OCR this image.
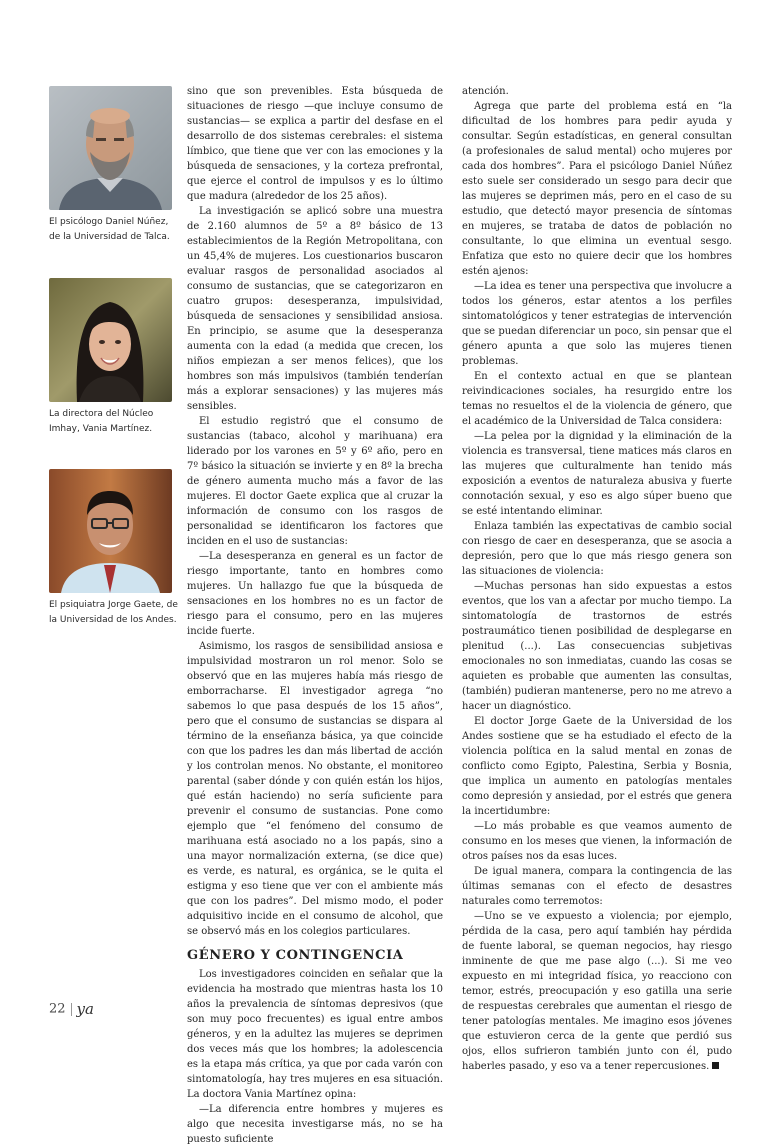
El psicólogo Daniel Núñez, de la Universidad de Talca.

La directora del Núcleo Imhay, Vania Martínez.

El psiquiatra Jorge Gaete, de la Universidad de los Andes.

sino que son prevenibles. Esta búsqueda de situaciones de riesgo —que incluye consumo de sustancias— se explica a partir del desfase en el desarrollo de dos sistemas cerebrales: el sistema límbico, que tiene que ver con las emociones y la búsqueda de sensaciones, y la corteza prefrontal, que ejerce el control de impulsos y es lo último que madura (alrededor de los 25 años).

La investigación se aplicó sobre una muestra de 2.160 alumnos de 5º a 8º básico de 13 establecimientos de la Región Metropolitana, con un 45,4% de mujeres. Los cuestionarios buscaron evaluar rasgos de personalidad asociados al consumo de sustancias, que se categorizaron en cuatro grupos: desesperanza, impulsividad, búsqueda de sensaciones y sensibilidad ansiosa. En principio, se asume que la desesperanza aumenta con la edad (a medida que crecen, los niños empiezan a ser menos felices), que los hombres son más impulsivos (también tenderían más a explorar sensaciones) y las mujeres más sensibles.

El estudio registró que el consumo de sustancias (tabaco, alcohol y marihuana) era liderado por los varones en 5º y 6º año, pero en 7º básico la situación se invierte y en 8º la brecha de género aumenta mucho más a favor de las mujeres. El doctor Gaete explica que al cruzar la información de consumo con los rasgos de personalidad se identificaron los factores que inciden en el uso de sustancias:

—La desesperanza en general es un factor de riesgo importante, tanto en hombres como mujeres. Un hallazgo fue que la búsqueda de sensaciones en los hombres no es un factor de riesgo para el consumo, pero en las mujeres incide fuerte.

Asimismo, los rasgos de sensibilidad ansiosa e impulsividad mostraron un rol menor. Solo se observó que en las mujeres había más riesgo de emborracharse. El investigador agrega “no sabemos lo que pasa después de los 15 años”, pero que el consumo de sustancias se dispara al término de la enseñanza básica, ya que coincide con que los padres les dan más libertad de acción y los controlan menos. No obstante, el monitoreo parental (saber dónde y con quién están los hijos, qué están haciendo) no sería suficiente para prevenir el consumo de sustancias. Pone como ejemplo que “el fenómeno del consumo de marihuana está asociado no a los papás, sino a una mayor normalización externa, (se dice que) es verde, es natural, es orgánica, se le quita el estigma y eso tiene que ver con el ambiente más que con los padres”. Del mismo modo, el poder adquisitivo incide en el consumo de alcohol, que se observó más en los colegios particulares.

GÉNERO Y CONTINGENCIA

Los investigadores coinciden en señalar que la evidencia ha mostrado que mientras hasta los 10 años la prevalencia de síntomas depresivos (que son muy poco frecuentes) es igual entre ambos géneros, y en la adultez las mujeres se deprimen dos veces más que los hombres; la adolescencia es la etapa más crítica, ya que por cada varón con sintomatología, hay tres mujeres en esa situación. La doctora Vania Martínez opina:

—La diferencia entre hombres y mujeres es algo que necesita investigarse más, no se ha puesto suficiente

atención.

Agrega que parte del problema está en “la dificultad de los hombres para pedir ayuda y consultar. Según estadísticas, en general consultan (a profesionales de salud mental) ocho mujeres por cada dos hombres”. Para el psicólogo Daniel Núñez esto suele ser considerado un sesgo para decir que las mujeres se deprimen más, pero en el caso de su estudio, que detectó mayor presencia de síntomas en mujeres, se trataba de datos de población no consultante, lo que elimina un eventual sesgo. Enfatiza que esto no quiere decir que los hombres estén ajenos:

—La idea es tener una perspectiva que involucre a todos los géneros, estar atentos a los perfiles sintomatológicos y tener estrategias de intervención que se puedan diferenciar un poco, sin pensar que el género apunta a que solo las mujeres tienen problemas.

En el contexto actual en que se plantean reivindicaciones sociales, ha resurgido entre los temas no resueltos el de la violencia de género, que el académico de la Universidad de Talca considera:

—La pelea por la dignidad y la eliminación de la violencia es transversal, tiene matices más claros en las mujeres que culturalmente han tenido más exposición a eventos de naturaleza abusiva y fuerte connotación sexual, y eso es algo súper bueno que se esté intentando eliminar.

Enlaza también las expectativas de cambio social con riesgo de caer en desesperanza, que se asocia a depresión, pero que lo que más riesgo genera son las situaciones de violencia:

—Muchas personas han sido expuestas a estos eventos, que los van a afectar por mucho tiempo. La sintomatología de trastornos de estrés postraumático tienen posibilidad de desplegarse en plenitud (...). Las consecuencias subjetivas emocionales no son inmediatas, cuando las cosas se aquieten es probable que aumenten las consultas, (también) pudieran mantenerse, pero no me atrevo a hacer un diagnóstico.

El doctor Jorge Gaete de la Universidad de los Andes sostiene que se ha estudiado el efecto de la violencia política en la salud mental en zonas de conflicto como Egipto, Palestina, Serbia y Bosnia, que implica un aumento en patologías mentales como depresión y ansiedad, por el estrés que genera la incertidumbre:

—Lo más probable es que veamos aumento de consumo en los meses que vienen, la información de otros países nos da esas luces.

De igual manera, compara la contingencia de las últimas semanas con el efecto de desastres naturales como terremotos:

—Uno se ve expuesto a violencia; por ejemplo, pérdida de la casa, pero aquí también hay pérdida de fuente laboral, se queman negocios, hay riesgo inminente de que me pase algo (...). Si me veo expuesto en mi integridad física, yo reacciono con temor, estrés, preocupación y eso gatilla una serie de respuestas cerebrales que aumentan el riesgo de tener patologías mentales. Me imagino esos jóvenes que estuvieron cerca de la gente que perdió sus ojos, ellos sufrieron también junto con él, pudo haberles pasado, y eso va a tener repercusiones.

22 ya
